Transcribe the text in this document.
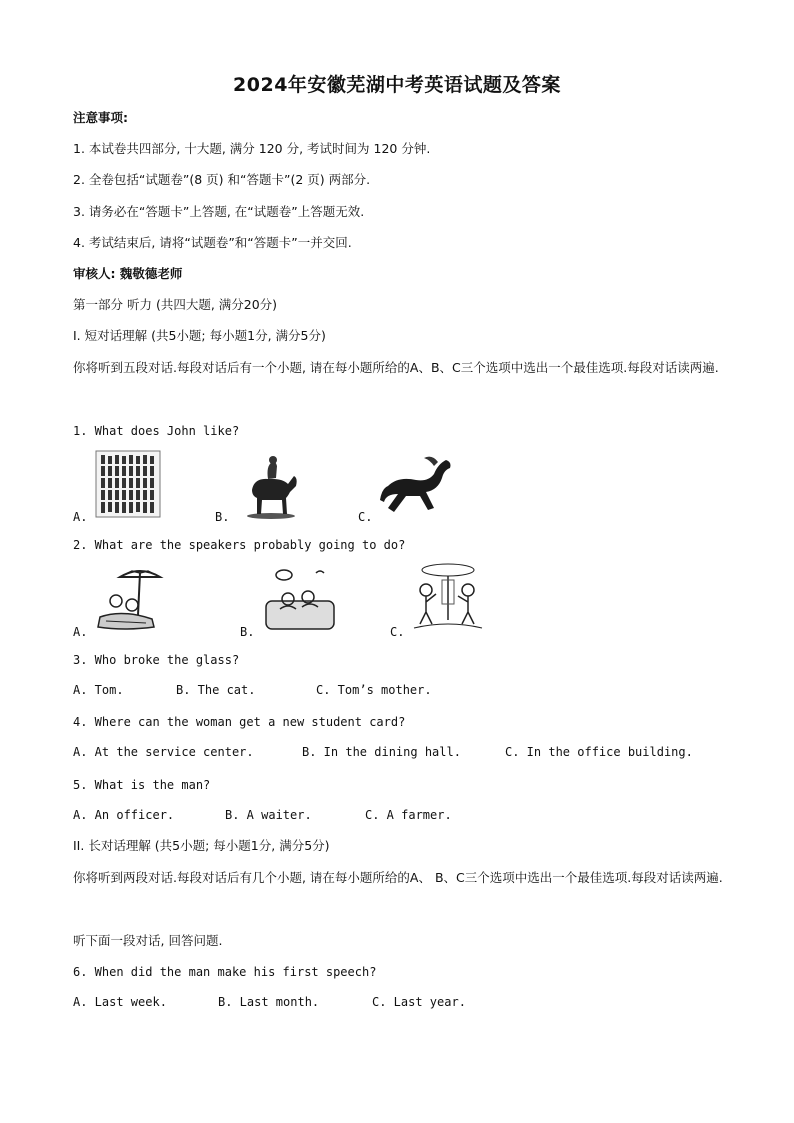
2024年安徽芜湖中考英语试题及答案
注意事项:
1. 本试卷共四部分, 十大题, 满分 120 分, 考试时间为 120 分钟.
2. 全卷包括“试题卷”(8 页) 和“答题卡”(2 页) 两部分.
3. 请务必在“答题卡”上答题, 在“试题卷”上答题无效.
4. 考试结束后, 请将“试题卷”和“答题卡”一并交回.
审核人: 魏敬德老师
第一部分 听力 (共四大题, 满分20分)
I. 短对话理解 (共5小题; 每小题1分, 满分5分)
你将听到五段对话.每段对话后有一个小题, 请在每小题所给的A、B、C三个选项中选出一个最佳选项.每段对话读两遍.
1. What does John like?
A.	B.	C.
2. What are the speakers probably going to do?
A.	B.	C.
3. Who broke the glass?
A. Tom.	B. The cat.	C. Tom’s mother.
4. Where can the woman get a new student card?
A. At the service center.	B. In the dining hall.	C. In the office building.
5. What is the man?
A. An officer.	B. A waiter.	C. A farmer.
II. 长对话理解 (共5小题; 每小题1分, 满分5分)
你将听到两段对话.每段对话后有几个小题, 请在每小题所给的A、 B、C三个选项中选出一个最佳选项.每段对话读两遍.
听下面一段对话, 回答问题.
6. When did the man make his first speech?
A. Last week.	B. Last month.	C. Last year.
